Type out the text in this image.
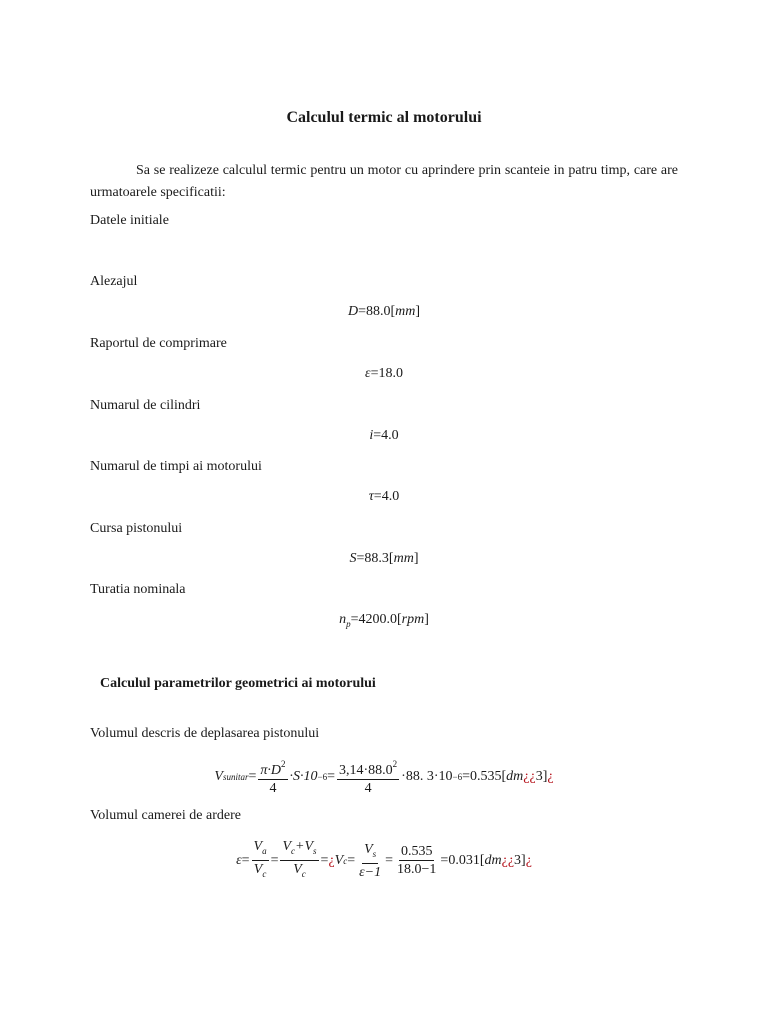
Calculul termic al motorului
Sa se realizeze calculul termic pentru un motor cu aprindere prin scanteie in patru timp, care are urmatoarele specificatii:
Datele initiale
Alezajul
D=88.0[mm]
Raportul de comprimare
ε=18.0
Numarul de cilindri
i=4.0
Numarul de timpi ai motorului
τ=4.0
Cursa pistonului
S=88.3[mm]
Turatia nominala
$n_p=4200.0[rpm]$
Calculul parametrilor geometrici ai motorului
Volumul descris de deplasarea pistonului
V sunitar = $\frac{\pi\cdot D^2}{4} \cdot S\cdot 10 -6 = \frac{3,14\cdot 88.0^2}{4} \cdot 88$. 3·10 −6 =0.535[ dm ¿¿ 3] ¿
Volumul camerei de ardere
$\varepsilon = \frac{V_a}{V_c} = \frac{V_c+V_s}{V_c}$ = ¿ V $c = \frac{V_s}{\varepsilon-1} = \frac{0.535}{18.0-1} =0.031$[ dm ¿¿ 3] ¿
